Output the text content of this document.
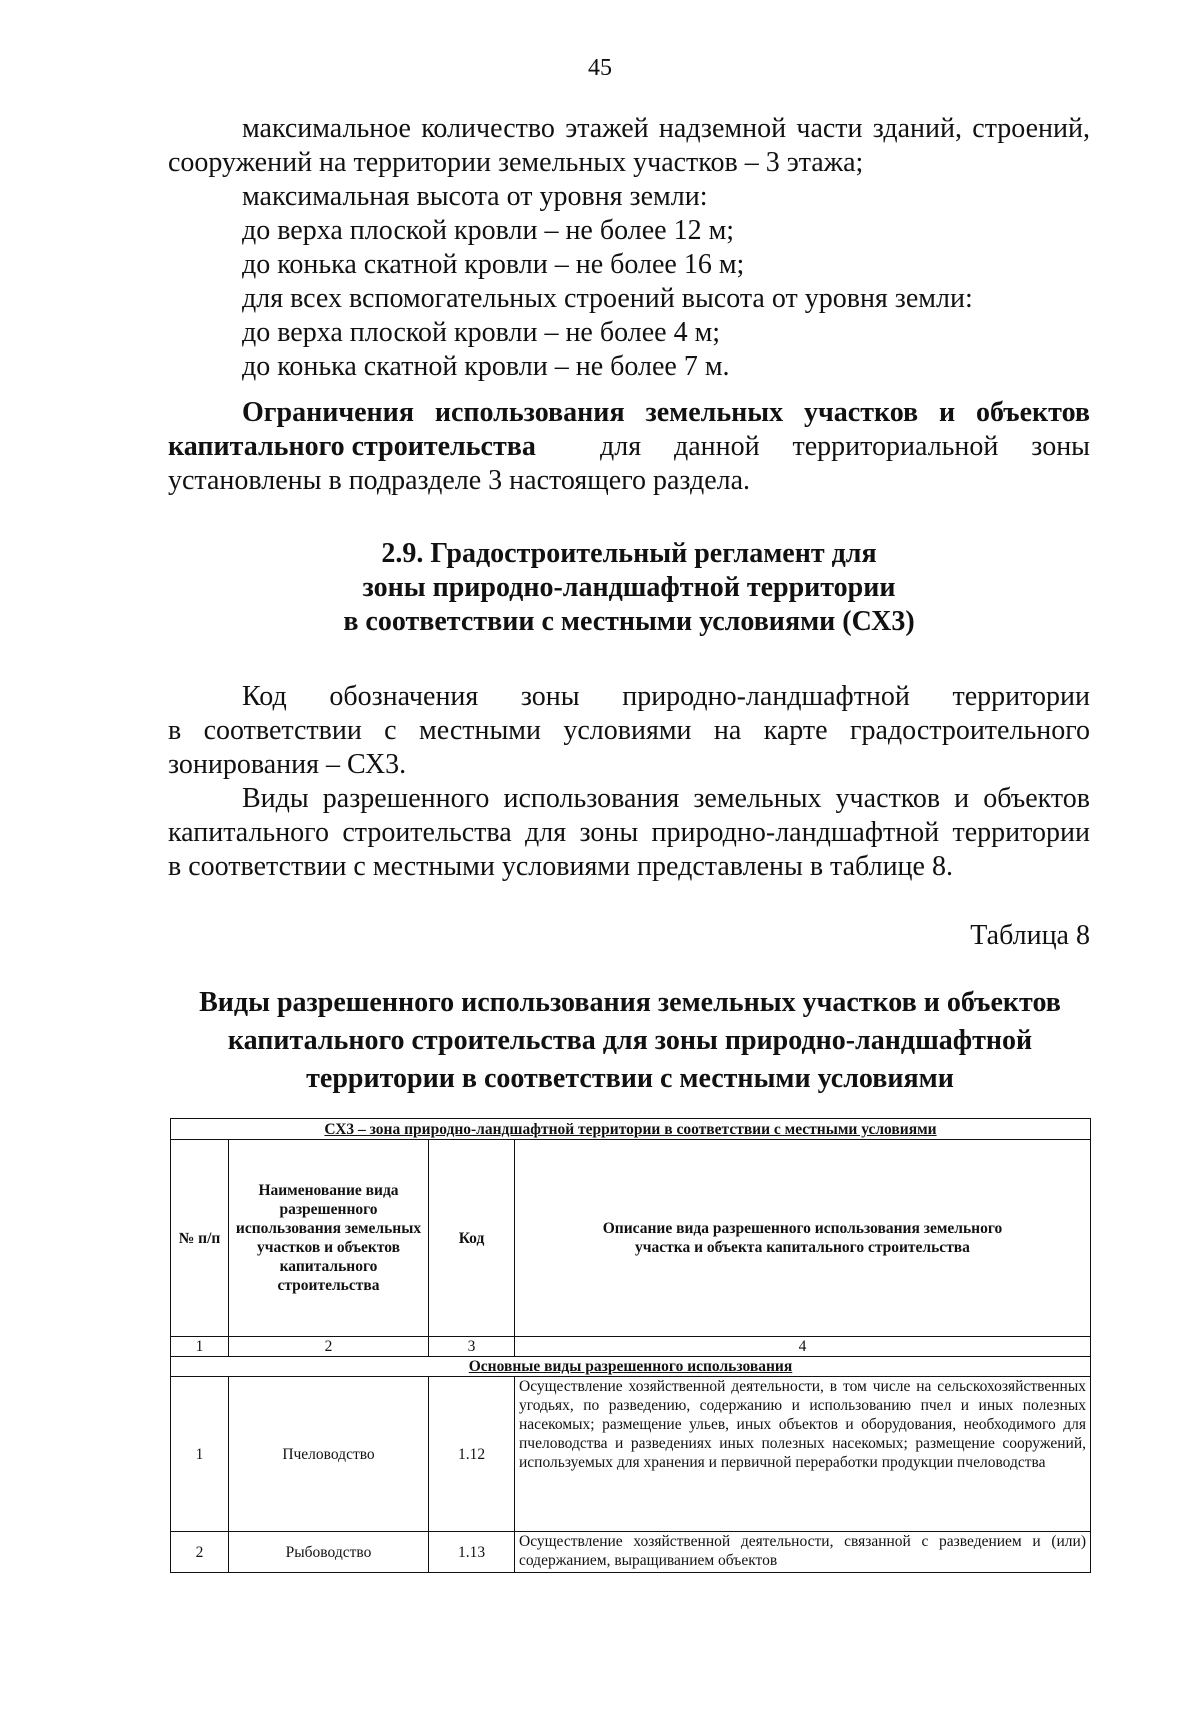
45
максимальное количество этажей надземной части зданий, строений,
сооружений на территории земельных участков – 3 этажа;
максимальная высота от уровня земли:
до верха плоской кровли – не более 12 м;
до конька скатной кровли – не более 16 м;
для всех вспомогательных строений высота от уровня земли:
до верха плоской кровли – не более 4 м;
до конька скатной кровли – не более 7 м.
Ограничения использования земельных участков и объектов
капитального строительства для данной территориальной зоны
установлены в подразделе 3 настоящего раздела.
2.9. Градостроительный регламент для
зоны природно-ландшафтной территории
в соответствии с местными условиями (СХ3)
Код обозначения зоны природно-ландшафтной территории
в соответствии с местными условиями на карте градостроительного
зонирования – СХ3.
Виды разрешенного использования земельных участков и объектов
капитального строительства для зоны природно-ландшафтной территории
в соответствии с местными условиями представлены в таблице 8.
Таблица 8
Виды разрешенного использования земельных участков и объектов
капитального строительства для зоны природно-ландшафтной
территории в соответствии с местными условиями
СХ3 – зона природно-ландшафтной территории в соответствии с местными условиями			
№ п/п	Наименование вида разрешенного использования земельных участков и объектов капитального строительства	Код	Описание вида разрешенного использования земельного участка и объекта капитального строительства
1	2	3	4
Основные виды разрешенного использования			
1	Пчеловодство	1.12	Осуществление хозяйственной деятельности, в том числе на сельскохозяйственных угодьях, по разведению, содержанию и использованию пчел и иных полезных насекомых; размещение ульев, иных объектов и оборудования, необходимого для пчеловодства и разведениях иных полезных насекомых; размещение сооружений, используемых для хранения и первичной переработки продукции пчеловодства
2	Рыбоводство	1.13	Осуществление хозяйственной деятельности, связанной с разведением и (или) содержанием, выращиванием объектов
